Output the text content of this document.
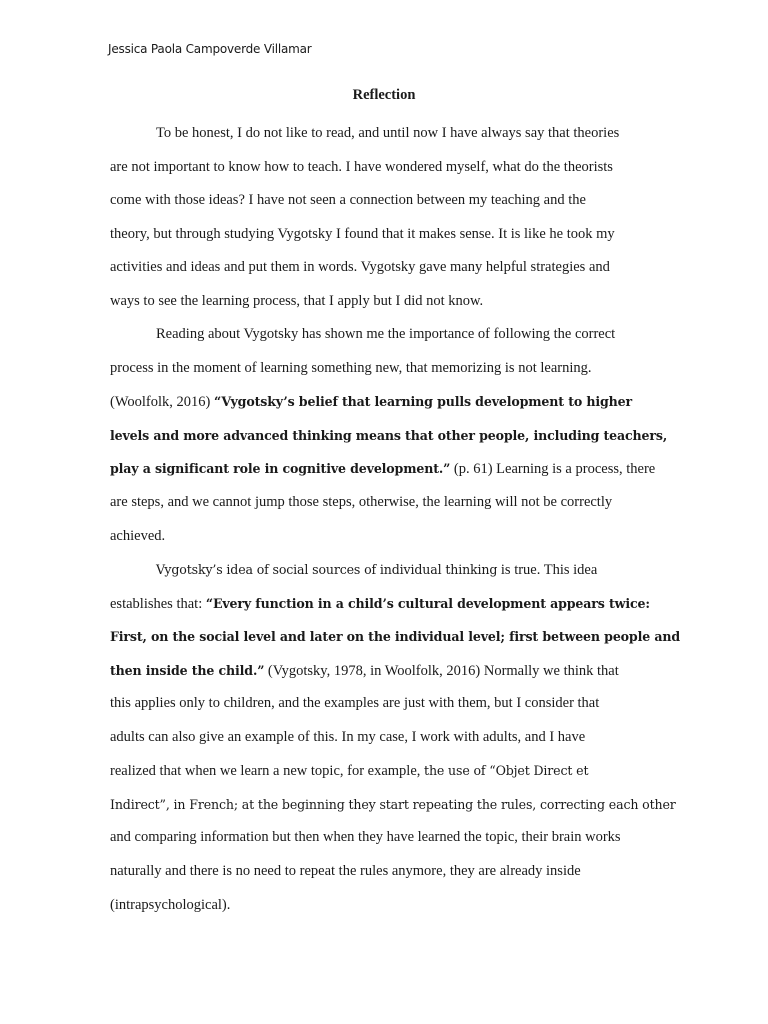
Jessica Paola Campoverde Villamar
Reflection
To be honest, I do not like to read, and until now I have always say that theories
are not important to know how to teach. I have wondered myself, what do the theorists
come with those ideas? I have not seen a connection between my teaching and the
theory, but through studying Vygotsky I found that it makes sense. It is like he took my
activities and ideas and put them in words. Vygotsky gave many helpful strategies and
ways to see the learning process, that I apply but I did not know.
Reading about Vygotsky has shown me the importance of following the correct
process in the moment of learning something new, that memorizing is not learning.
(Woolfolk, 2016) “Vygotsky’s belief that learning pulls development to higher
levels and more advanced thinking means that other people, including teachers,
play a significant role in cognitive development.” (p. 61) Learning is a process, there
are steps, and we cannot jump those steps, otherwise, the learning will not be correctly
achieved.
Vygotsky’s idea of social sources of individual thinking is true. This idea
establishes that: “Every function in a child’s cultural development appears twice:
First, on the social level and later on the individual level; first between people and
then inside the child.” (Vygotsky, 1978, in Woolfolk, 2016) Normally we think that
this applies only to children, and the examples are just with them, but I consider that
adults can also give an example of this. In my case, I work with adults, and I have
realized that when we learn a new topic, for example, the use of “Objet Direct et
Indirect”, in French; at the beginning they start repeating the rules, correcting each other
and comparing information but then when they have learned the topic, their brain works
naturally and there is no need to repeat the rules anymore, they are already inside
(intrapsychological).
